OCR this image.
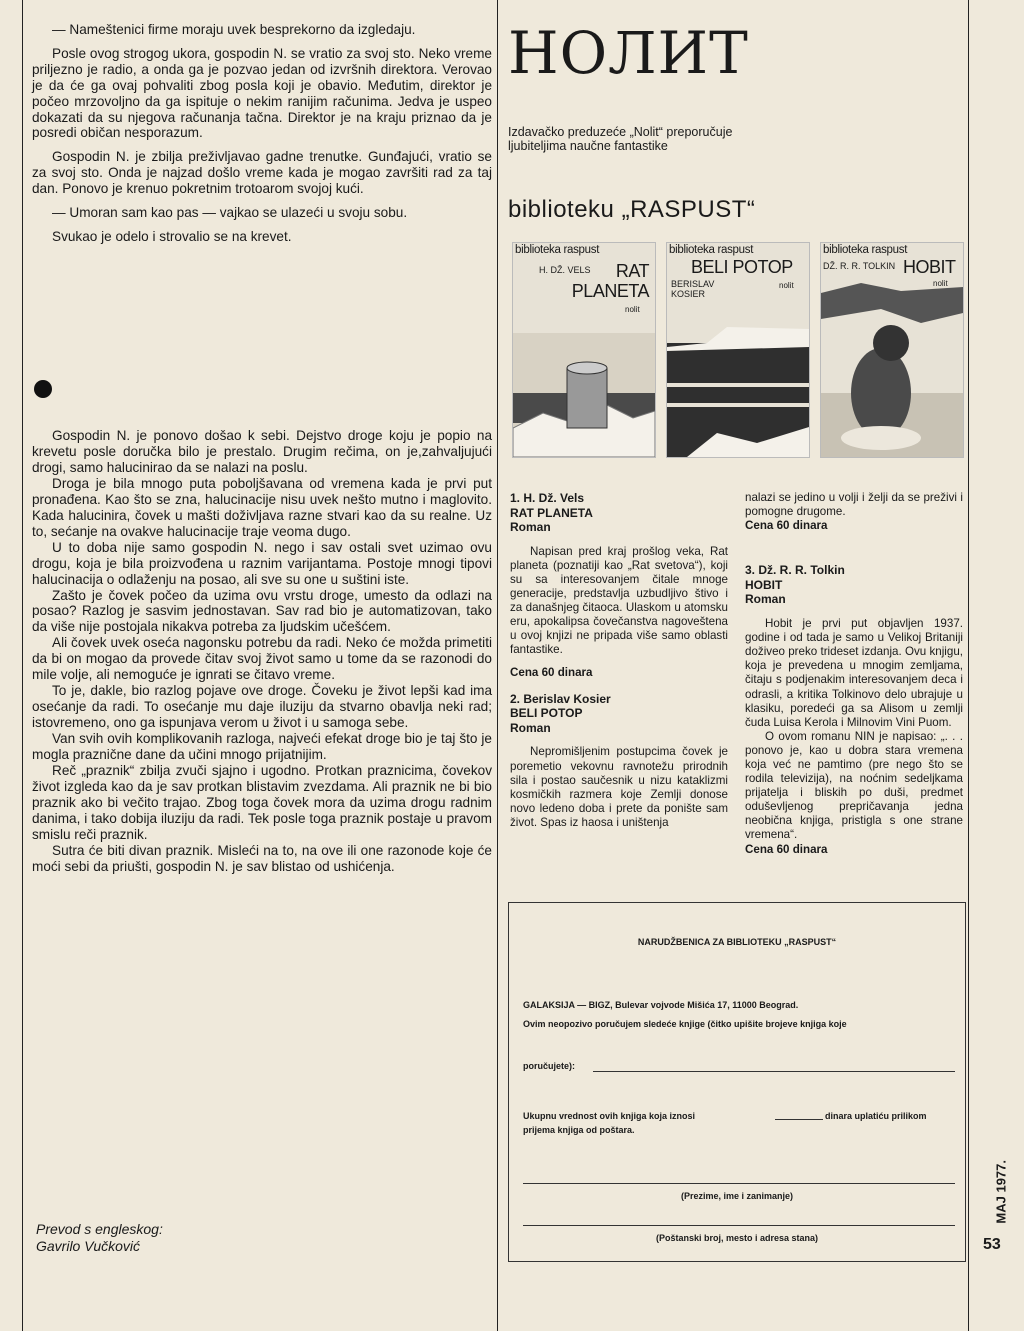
— Nameštenici firme moraju uvek besprekorno da izgledaju.

Posle ovog strogog ukora, gospodin N. se vratio za svoj sto. Neko vreme priljezno je radio, a onda ga je pozvao jedan od izvršnih direktora. Verovao je da će ga ovaj pohvaliti zbog posla koji je obavio. Međutim, direktor je počeo mrzovoljno da ga ispituje o nekim ranijim računima. Jedva je uspeo dokazati da su njegova računanja tačna. Direktor je na kraju priznao da je posredi običan nesporazum.

Gospodin N. je zbilja preživljavao gadne trenutke. Gunđajući, vratio se za svoj sto. Onda je najzad došlo vreme kada je mogao završiti rad za taj dan. Ponovo je krenuo pokretnim trotoarom svojoj kući.

— Umoran sam kao pas — vajkao se ulazeći u svoju sobu.

Svukao je odelo i strovalio se na krevet.

Gospodin N. je ponovo došao k sebi. Dejstvo droge koju je popio na krevetu posle doručka bilo je prestalo. Drugim rečima, on je,zahvaljujući drogi, samo halucinirao da se nalazi na poslu.

Droga je bila mnogo puta poboljšavana od vremena kada je prvi put pronađena. Kao što se zna, halucinacije nisu uvek nešto mutno i maglovito. Kada halucinira, čovek u mašti doživljava razne stvari kao da su realne. Uz to, sećanje na ovakve halucinacije traje veoma dugo.

U to doba nije samo gospodin N. nego i sav ostali svet uzimao ovu drogu, koja je bila proizvođena u raznim varijantama. Postoje mnogi tipovi halucinacija o odlaženju na posao, ali sve su one u suštini iste.

Zašto je čovek počeo da uzima ovu vrstu droge, umesto da odlazi na posao? Razlog je sasvim jednostavan. Sav rad bio je automatizovan, tako da više nije postojala nikakva potreba za ljudskim učešćem.

Ali čovek uvek oseća nagonsku potrebu da radi. Neko će možda primetiti da bi on mogao da provede čitav svoj život samo u tome da se razonodi do mile volje, ali nemoguće je ignrati se čitavo vreme.

To je, dakle, bio razlog pojave ove droge. Čoveku je život lepši kad ima osećanje da radi. To osećanje mu daje iluziju da stvarno obavlja neki rad; istovremeno, ono ga ispunjava verom u život i u samoga sebe.

Van svih ovih komplikovanih razloga, najveći efekat droge bio je taj što je mogla praznične dane da učini mnogo prijatnijim.

Reč „praznik“ zbilja zvuči sjajno i ugodno. Protkan praznicima, čovekov život izgleda kao da je sav protkan blistavim zvezdama. Ali praznik ne bi bio praznik ako bi večito trajao. Zbog toga čovek mora da uzima drogu radnim danima, i tako dobija iluziju da radi. Tek posle toga praznik postaje u pravom smislu reči praznik.

Sutra će biti divan praznik. Misleći na to, na ove ili one razonode koje će moći sebi da priušti, gospodin N. je sav blistao od ushićenja.

Prevod s engleskog:
Gavrilo Vučković
НОЛИТ
Izdavačko preduzeće „Nolit“ preporučuje ljubiteljima naučne fantastike
biblioteku „RASPUST“
biblioteka raspust
H. DŽ. VELS	RAT PLANETA
nolit
biblioteka raspust
BELI POTOP
BERISLAV KOSIER
nolit
biblioteka raspust
DŽ. R. R. TOLKIN HOBIT
nolit
1. H. Dž. Vels
RAT PLANETA
Roman
Napisan pred kraj prošlog veka, Rat planeta (poznatiji kao „Rat svetova“), koji su sa interesovanjem čitale mnoge generacije, predstavlja uzbudljivo štivo i za današnjeg čitaoca. Ulaskom u atomsku eru, apokalipsa čovečanstva nagoveštena u ovoj knjizi ne pripada više samo oblasti fantastike.
Cena 60 dinara
2. Berislav Kosier
BELI POTOP
Roman
Nepromišljenim postupcima čovek je poremetio vekovnu ravnotežu prirodnih sila i postao saučesnik u nizu kataklizmi kosmičkih razmera koje Zemlji donose novo ledeno doba i prete da ponište sam život. Spas iz haosa i uništenja
nalazi se jedino u volji i želji da se preživi i pomogne drugome.
Cena 60 dinara
3. Dž. R. R. Tolkin
HOBIT
Roman
Hobit je prvi put objavljen 1937. godine i od tada je samo u Velikoj Britaniji doživeo preko trideset izdanja. Ovu knjigu, koja je prevedena u mnogim zemljama, čitaju s podjenakim interesovanjem deca i odrasli, a kritika Tolkinovo delo ubrajuje u klasiku, poredeći ga sa Alisom u zemlji čuda Luisa Kerola i Milnovim Vini Puom.
O ovom romanu NIN je napisao: „. . . ponovo je, kao u dobra stara vremena koja već ne pamtimo (pre nego što se rodila televizija), na noćnim sedeljkama prijatelja i bliskih po duši, predmet oduševljenog prepričavanja jedna neobična knjiga, pristigla s one strane vremena“.
Cena 60 dinara
NARUDŽBENICA ZA BIBLIOTEKU „RASPUST“
GALAKSIJA — BIGZ, Bulevar vojvode Mišića 17, 11000 Beograd.
Ovim neopozivo poručujem sledeće knjige (čitko upišite brojeve knjiga koje
poručujete):
Ukupnu vrednost ovih knjiga koja iznosi	dinara uplatiću prilikom
prijema knjiga od poštara.
(Prezime, ime i zanimanje)
(Poštanski broj, mesto i adresa stana)
MAJ 1977.
53
